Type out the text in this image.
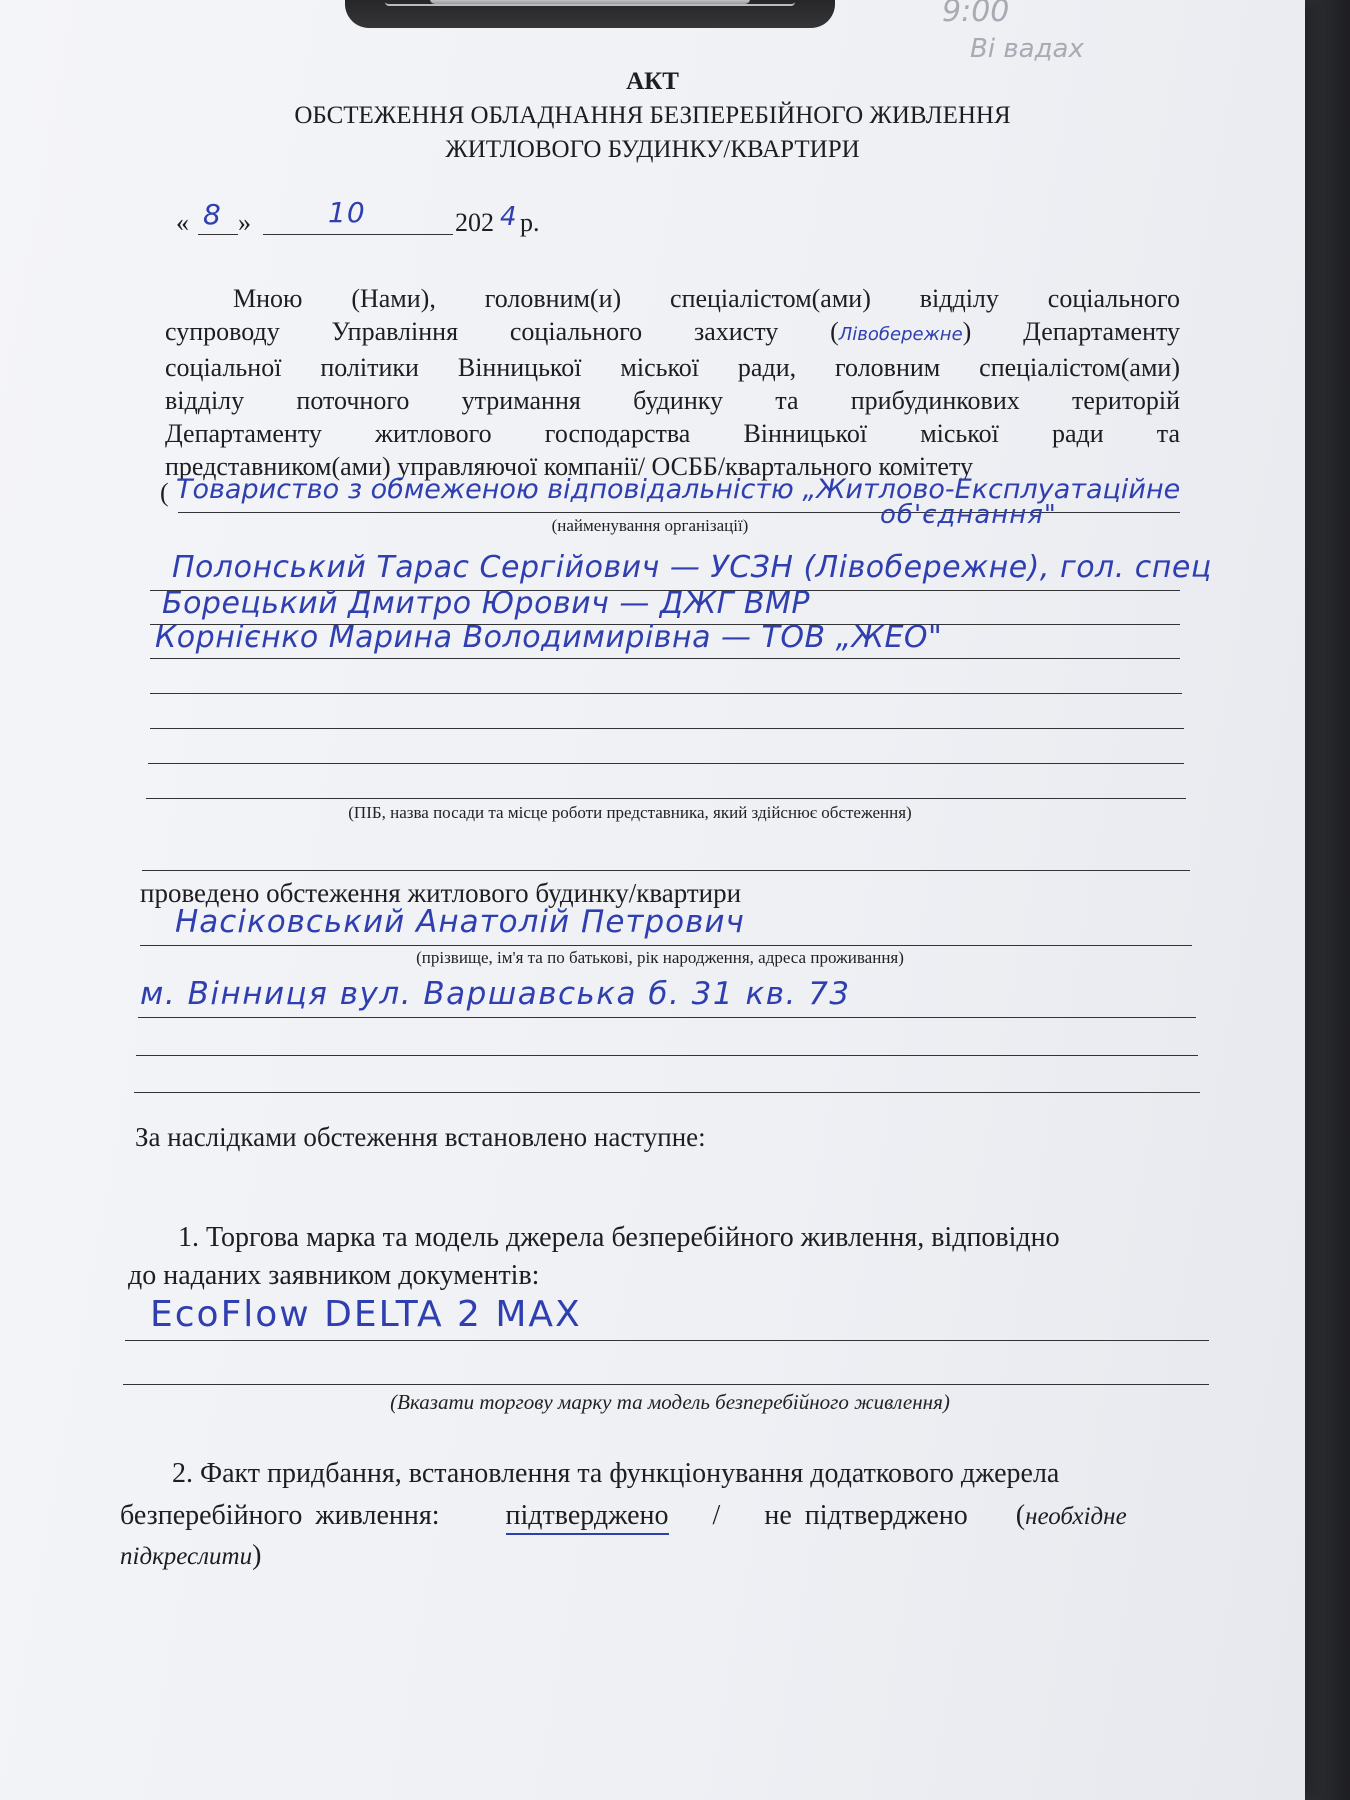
9:00
Ві вадах
АКТ
ОБСТЕЖЕННЯ ОБЛАДНАННЯ БЕЗПЕРЕБІЙНОГО ЖИВЛЕННЯ
ЖИТЛОВОГО БУДИНКУ/КВАРТИРИ
« 8 »	10	202 4 р.

Мною (Нами), головним(и) спеціалістом(ами) відділу соціального

супроводу Управління соціального захисту (Лівобережне) Департаменту

соціальної політики Вінницької міської ради, головним спеціалістом(ами)

відділу поточного утримання будинку та прибудинкових територій

Департаменту житлового господарства Вінницької міської ради та

представником(ами) управляючої компанії/ ОСББ/квартального комітету

( Товариство з обмеженою відповідальністю „Житлово-Експлуатаційне
об'єднання"
(найменування організації)
Полонський Тарас Сергійович — УСЗН (Лівобережне), гол. спец
Борецький Дмитро Юрович — ДЖГ ВМР
Корнієнко Марина Володимирівна — ТОВ „ЖЕО"
(ПІБ, назва посади та місце роботи представника, який здійснює обстеження)
проведено обстеження житлового будинку/квартири
Насіковський Анатолій Петрович
(прізвище, ім'я та по батькові, рік народження, адреса проживання)
м. Вінниця вул. Варшавська б. 31 кв. 73
За наслідками обстеження встановлено наступне:
1. Торгова марка та модель джерела безперебійного живлення, відповідно
до наданих заявником документів:
EcoFlow DELTA 2 MAX
(Вказати торгову марку та модель безперебійного живлення)
2. Факт придбання, встановлення та функціонування додаткового джерела
безперебійного живлення: підтверджено / не підтверджено (необхідне
підкреслити)
